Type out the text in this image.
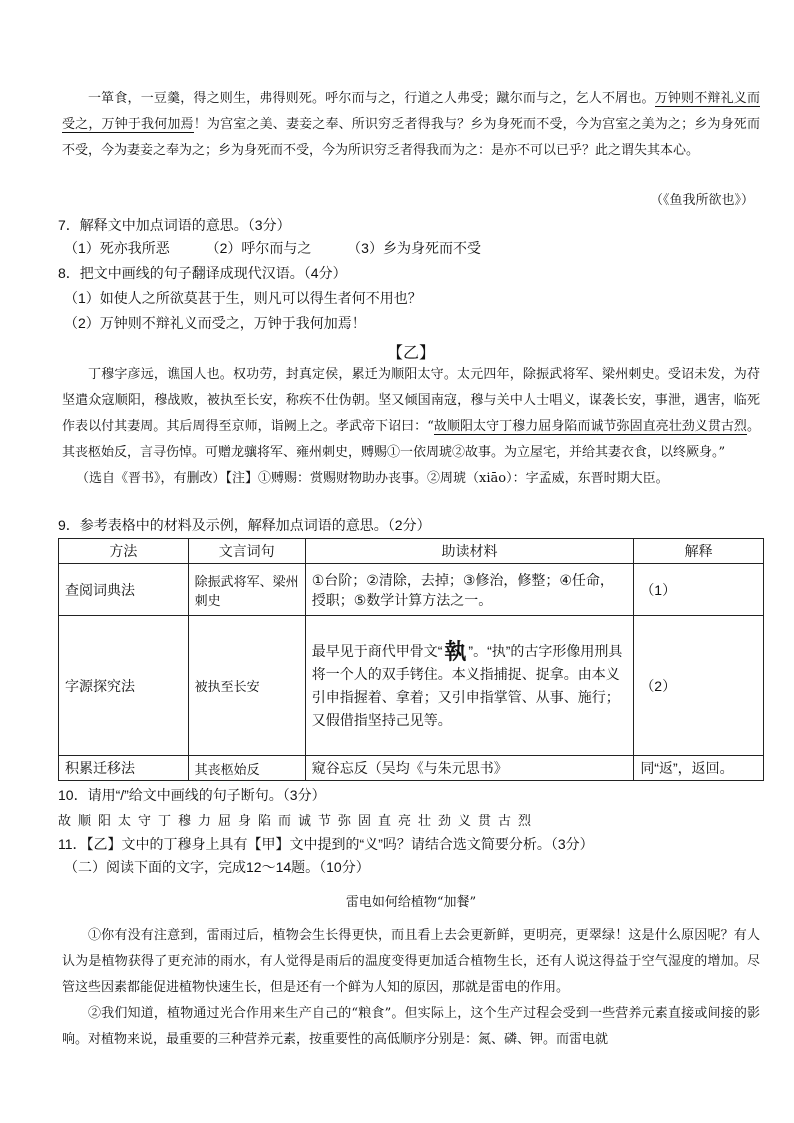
一箪食，一豆羹，得之则生，弗得则死。呼尔而与之，行道之人弗受；蹴尔而与之，乞人不屑也。万钟则不辩礼义而受之，万钟于我何加焉！为宫室之美、妻妾之奉、所识穷乏者得我与？乡为身死而不受，今为宫室之美为之；乡为身死而不受，今为妻妾之奉为之；乡为身死而不受，今为所识穷乏者得我而为之：是亦不可以已乎？此之谓失其本心。

（《鱼我所欲也》）

7．解释文中加点词语的意思。（3分）

（1）死亦我所恶	（2）呼尔而与之	（3）乡为身死而不受

8．把文中画线的句子翻译成现代汉语。（4分）

（1）如使人之所欲莫甚于生，则凡可以得生者何不用也？

（2）万钟则不辩礼义而受之，万钟于我何加焉！

【乙】

丁穆字彦远，谯国人也。权功劳，封真定侯，累迁为顺阳太守。太元四年，除振武将军、梁州刺史。受诏未发，为苻坚遣众寇顺阳，穆战败，被执至长安，称疾不仕伪朝。坚又倾国南寇，穆与关中人士唱义，谋袭长安，事泄，遇害，临死作表以付其妻周。其后周得至京师，诣阙上之。孝武帝下诏曰：“故顺阳太守丁穆力屈身陷而诚节弥固直亮壮劲义贯古烈。其丧柩始反，言寻伤悼。可赠龙骧将军、雍州刺史，赙赐①一依周琥②故事。为立屋宅，并给其妻衣食，以终厥身。”

（选自《晋书》，有删改）【注】①赙赐：赏赐财物助办丧事。②周琥（xiāo）：字孟威，东晋时期大臣。

9．参考表格中的材料及示例，解释加点词语的意思。（2分）

方法	文言词句	助读材料	解释
查阅词典法	除振武将军、梁州刺史	①台阶；②清除，去掉；③修治，修整；④任命，授职；⑤数学计算方法之一。	（1）
字源探究法	被执至长安	最早见于商代甲骨文“執 ”。“执”的古字形像用刑具将一个人的双手铐住。本义指捕捉、捉拿。由本义引申指握着、拿着；又引申指掌管、从事、施行；又假借指坚持己见等。	（2）
积累迁移法	其丧柩始反	窥谷忘反（吴均《与朱元思书》	同“返”，返回。

10．请用“/”给文中画线的句子断句。（3分）

故顺阳太守丁穆力屈身陷而诚节弥固直亮壮劲义贯古烈

11．【乙】文中的丁穆身上具有【甲】文中提到的“义”吗？请结合选文简要分析。（3分）

（二）阅读下面的文字，完成12～14题。（10分）

雷电如何给植物“加餐”

①你有没有注意到，雷雨过后，植物会生长得更快，而且看上去会更新鲜，更明亮，更翠绿！这是什么原因呢？有人认为是植物获得了更充沛的雨水，有人觉得是雨后的温度变得更加适合植物生长，还有人说这得益于空气湿度的增加。尽管这些因素都能促进植物快速生长，但是还有一个鲜为人知的原因，那就是雷电的作用。

②我们知道，植物通过光合作用来生产自己的“粮食”。但实际上，这个生产过程会受到一些营养元素直接或间接的影响。对植物来说，最重要的三种营养元素，按重要性的高低顺序分别是：氮、磷、钾。而雷电就
